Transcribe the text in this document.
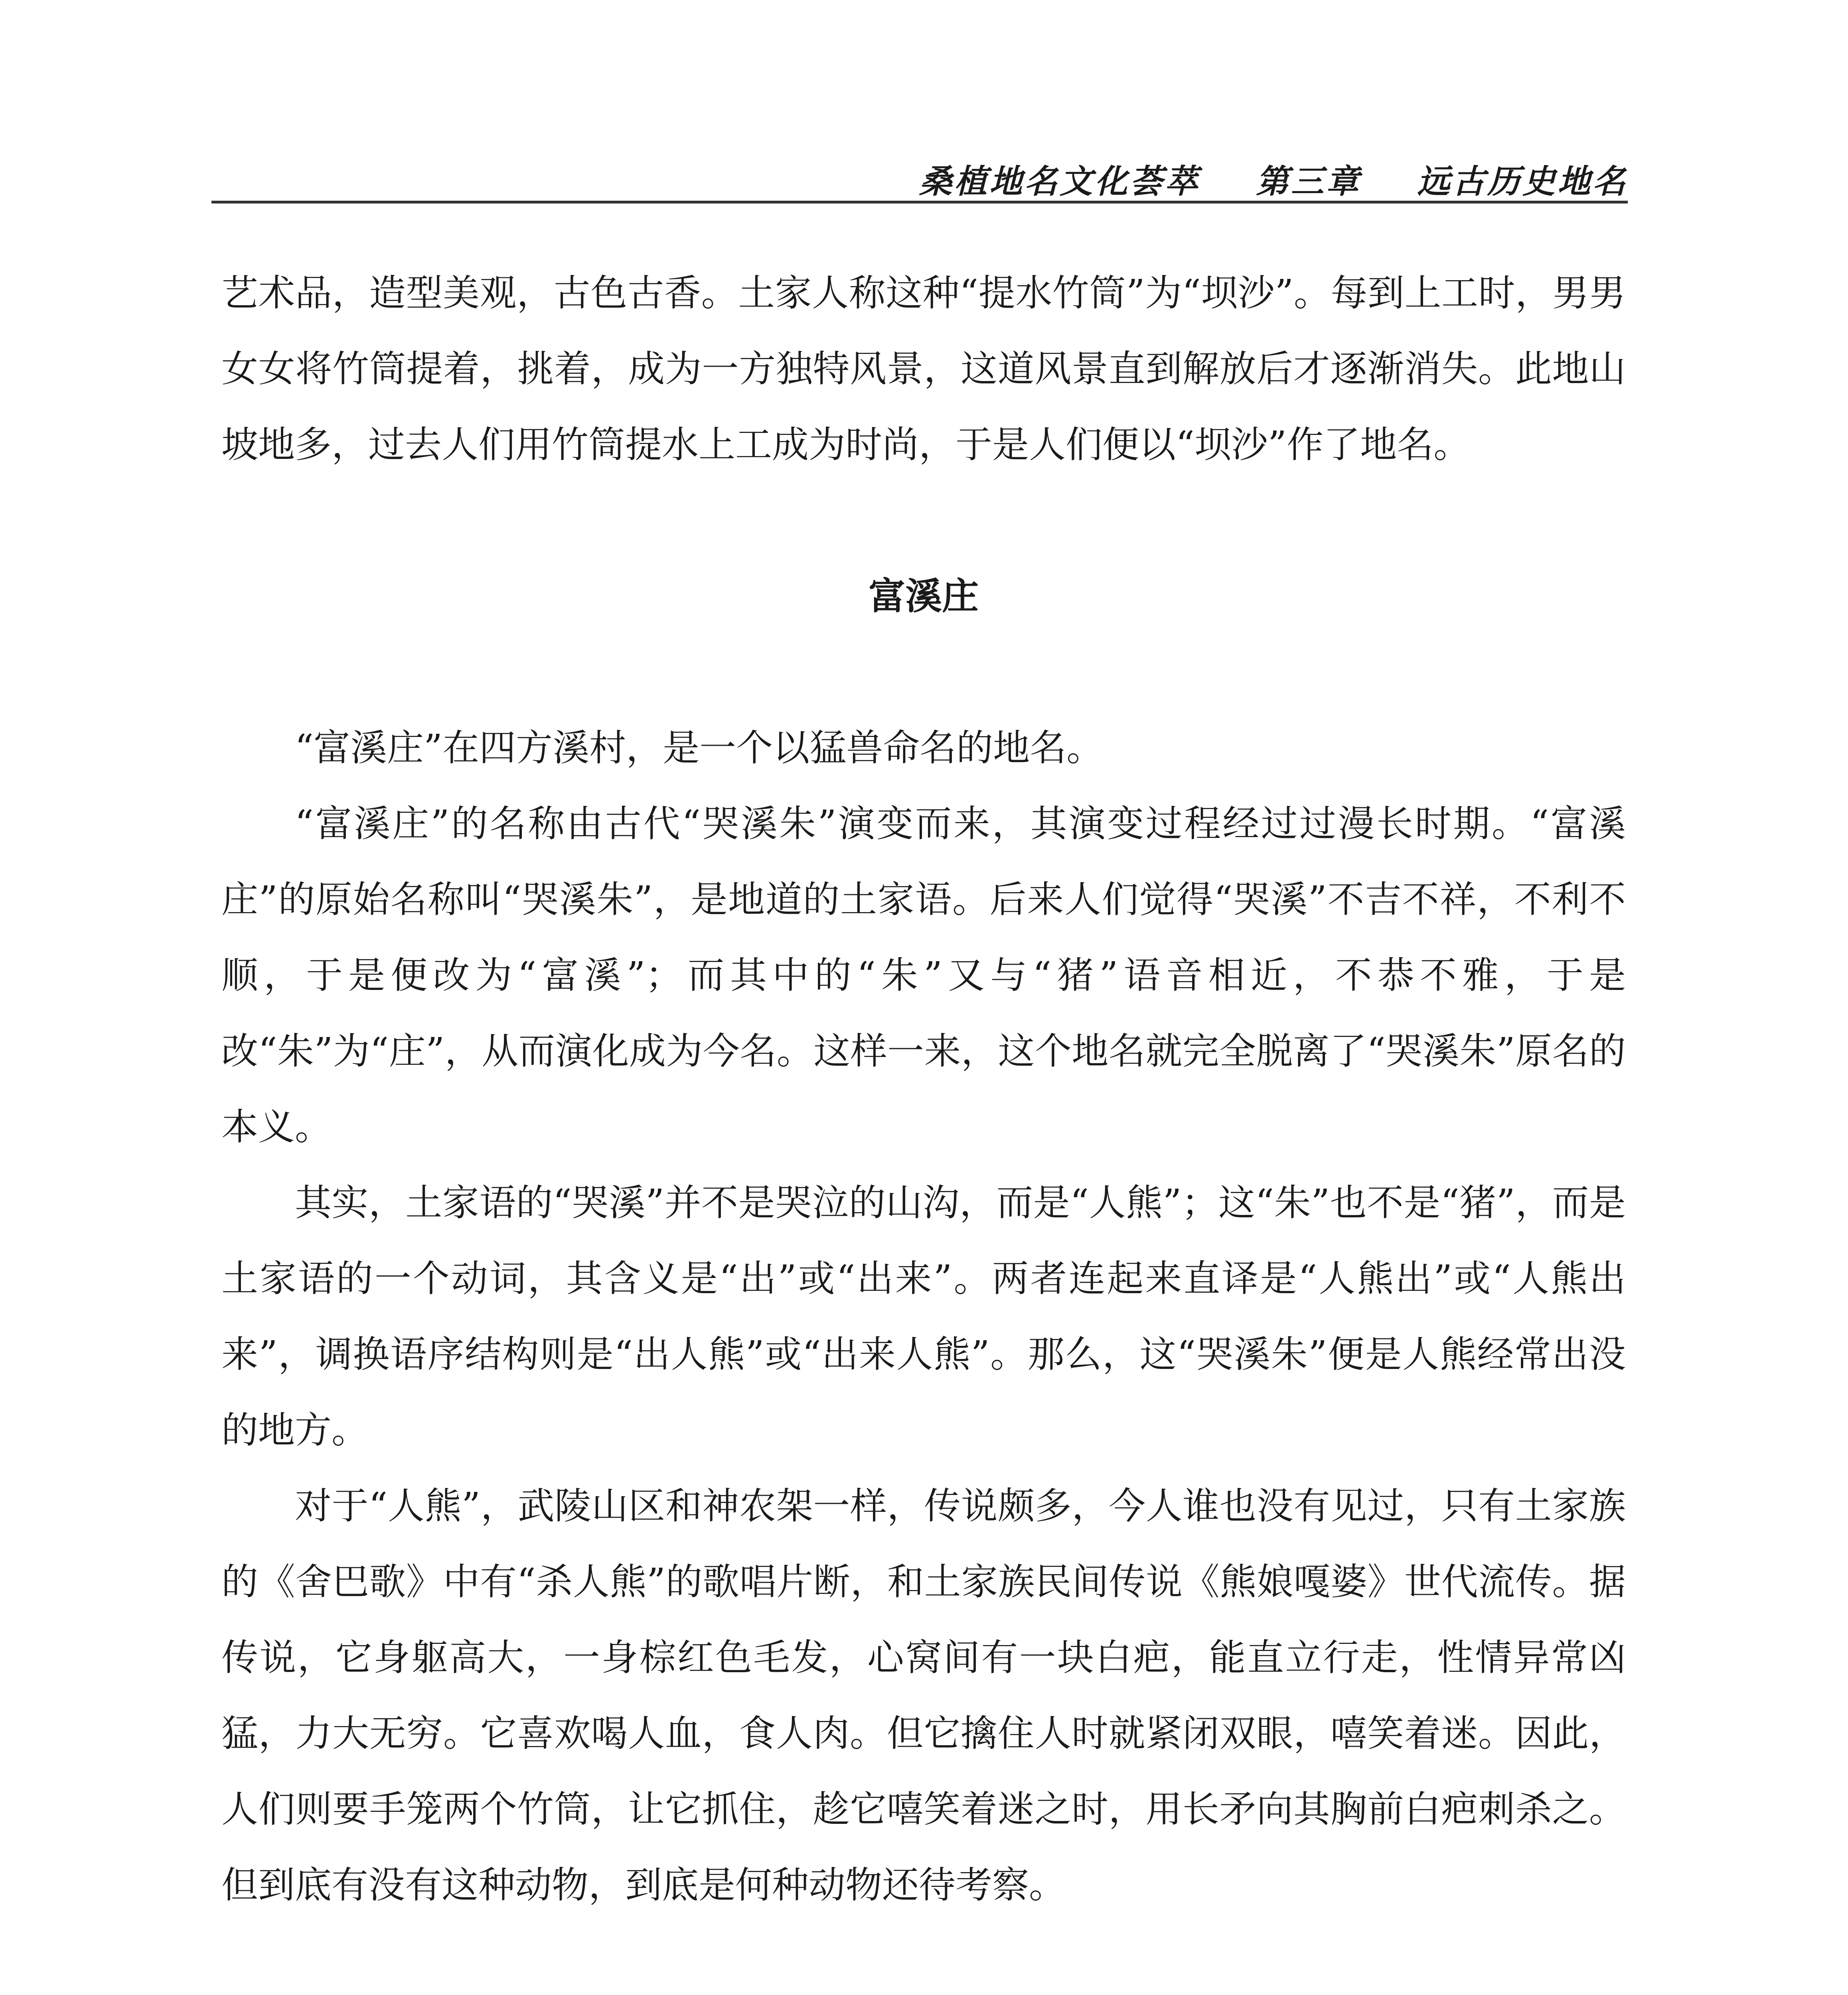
桑植地名文化荟萃 第三章 远古历史地名

艺术品，造型美观，古色古香。土家人称这种“提水竹筒”为“坝沙”。每到上工时，男男女女将竹筒提着，挑着，成为一方独特风景，这道风景直到解放后才逐渐消失。此地山坡地多，过去人们用竹筒提水上工成为时尚，于是人们便以“坝沙”作了地名。

富溪庄

“富溪庄”在四方溪村，是一个以猛兽命名的地名。

“富溪庄”的名称由古代“哭溪朱”演变而来，其演变过程经过过漫长时期。“富溪庄”的原始名称叫“哭溪朱”，是地道的土家语。后来人们觉得“哭溪”不吉不祥，不利不顺，于是便改为“富溪”；而其中的“朱”又与“猪”语音相近，不恭不雅，于是改“朱”为“庄”，从而演化成为今名。这样一来，这个地名就完全脱离了“哭溪朱”原名的本义。

其实，土家语的“哭溪”并不是哭泣的山沟，而是“人熊”；这“朱”也不是“猪”，而是土家语的一个动词，其含义是“出”或“出来”。两者连起来直译是“人熊出”或“人熊出来”，调换语序结构则是“出人熊”或“出来人熊”。那么，这“哭溪朱”便是人熊经常出没的地方。

对于“人熊”，武陵山区和神农架一样，传说颇多，今人谁也没有见过，只有土家族的《舍巴歌》中有“杀人熊”的歌唱片断，和土家族民间传说《熊娘嘎婆》世代流传。据传说，它身躯高大，一身棕红色毛发，心窝间有一块白疤，能直立行走，性情异常凶猛，力大无穷。它喜欢喝人血，食人肉。但它擒住人时就紧闭双眼，嘻笑着迷。因此，人们则要手笼两个竹筒，让它抓住，趁它嘻笑着迷之时，用长矛向其胸前白疤刺杀之。但到底有没有这种动物，到底是何种动物还待考察。
